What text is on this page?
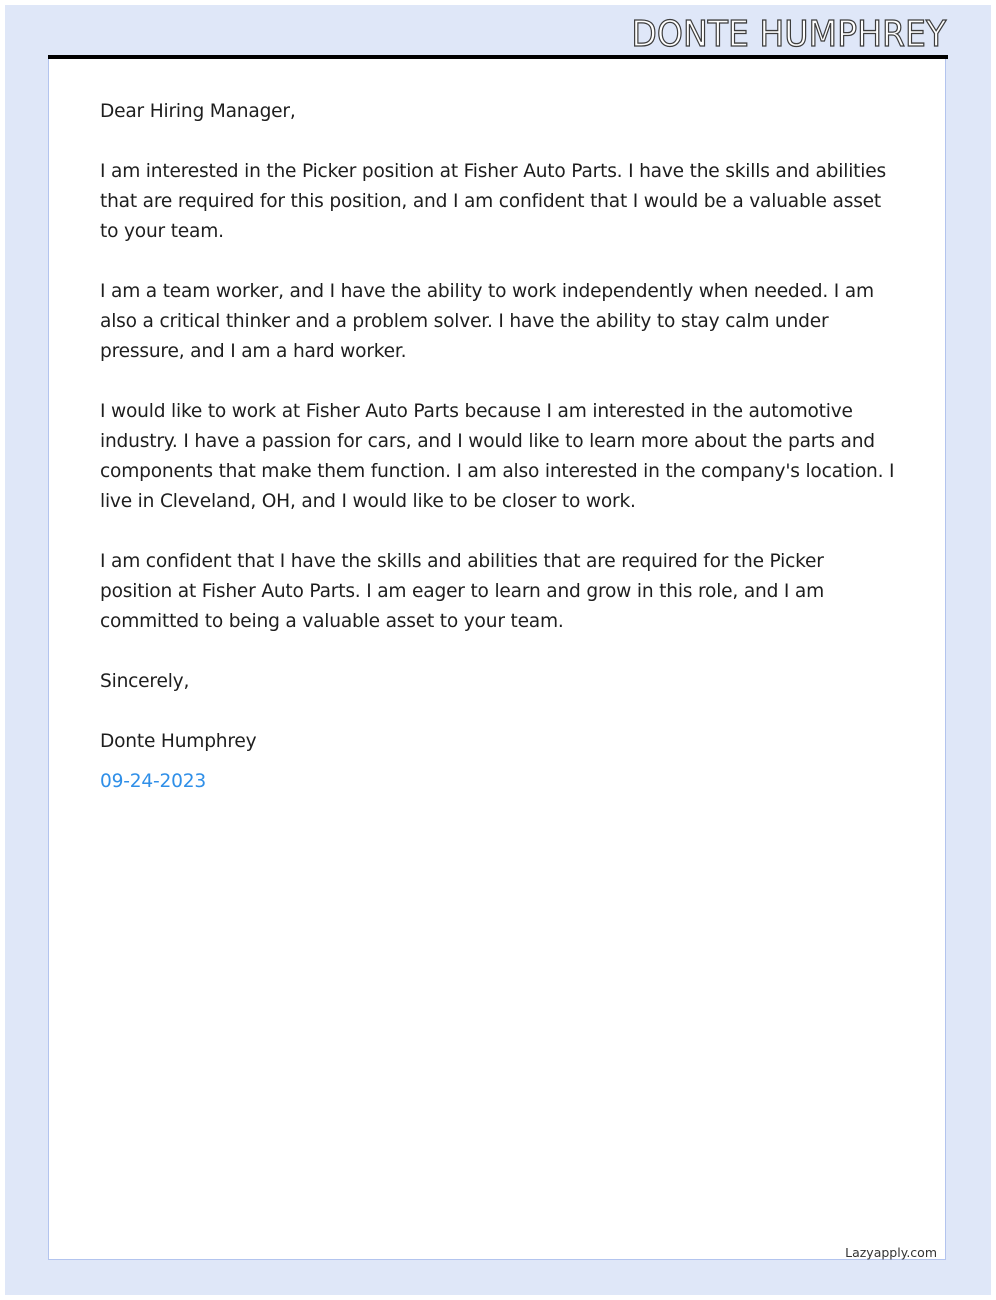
DONTE HUMPHREY

Dear Hiring Manager,

I am interested in the Picker position at Fisher Auto Parts. I have the skills and abilities that are required for this position, and I am confident that I would be a valuable asset to your team.

I am a team worker, and I have the ability to work independently when needed. I am also a critical thinker and a problem solver. I have the ability to stay calm under pressure, and I am a hard worker.

I would like to work at Fisher Auto Parts because I am interested in the automotive industry. I have a passion for cars, and I would like to learn more about the parts and components that make them function. I am also interested in the company's location. I live in Cleveland, OH, and I would like to be closer to work.

I am confident that I have the skills and abilities that are required for the Picker position at Fisher Auto Parts. I am eager to learn and grow in this role, and I am committed to being a valuable asset to your team.

Sincerely,

Donte Humphrey

09-24-2023

Lazyapply.com
